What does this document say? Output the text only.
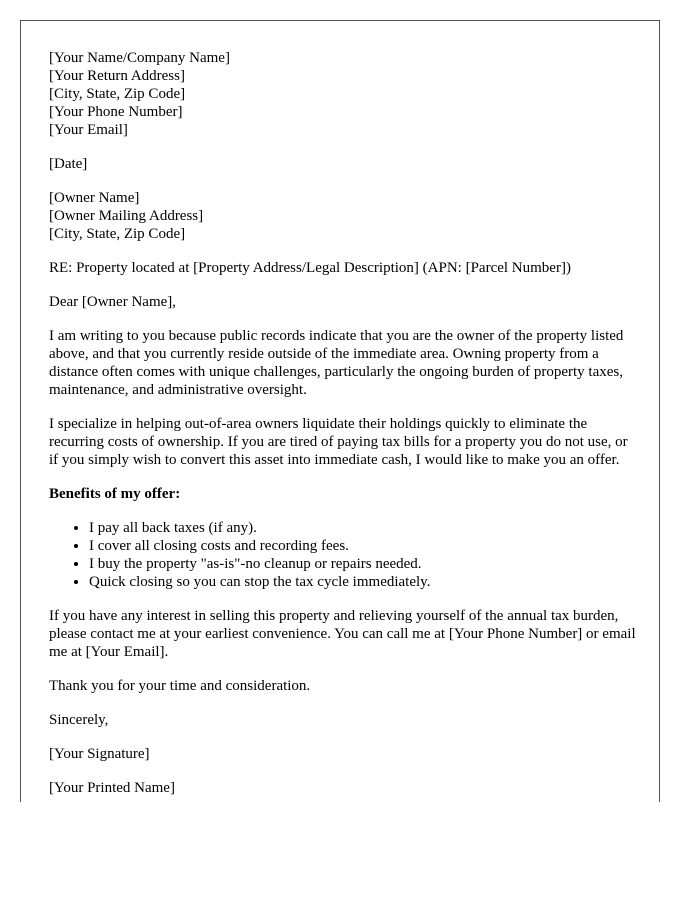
[Your Name/Company Name]
[Your Return Address]
[City, State, Zip Code]
[Your Phone Number]
[Your Email]
[Date]
[Owner Name]
[Owner Mailing Address]
[City, State, Zip Code]

RE: Property located at [Property Address/Legal Description] (APN: [Parcel Number])

Dear [Owner Name],

I am writing to you because public records indicate that you are the owner of the property listed above, and that you currently reside outside of the immediate area. Owning property from a distance often comes with unique challenges, particularly the ongoing burden of property taxes, maintenance, and administrative oversight.

I specialize in helping out-of-area owners liquidate their holdings quickly to eliminate the recurring costs of ownership. If you are tired of paying tax bills for a property you do not use, or if you simply wish to convert this asset into immediate cash, I would like to make you an offer.

Benefits of my offer:
• I pay all back taxes (if any).
• I cover all closing costs and recording fees.
• I buy the property "as-is"-no cleanup or repairs needed.
• Quick closing so you can stop the tax cycle immediately.

If you have any interest in selling this property and relieving yourself of the annual tax burden, please contact me at your earliest convenience. You can call me at [Your Phone Number] or email me at [Your Email].

Thank you for your time and consideration.

Sincerely,

[Your Signature]

[Your Printed Name]
